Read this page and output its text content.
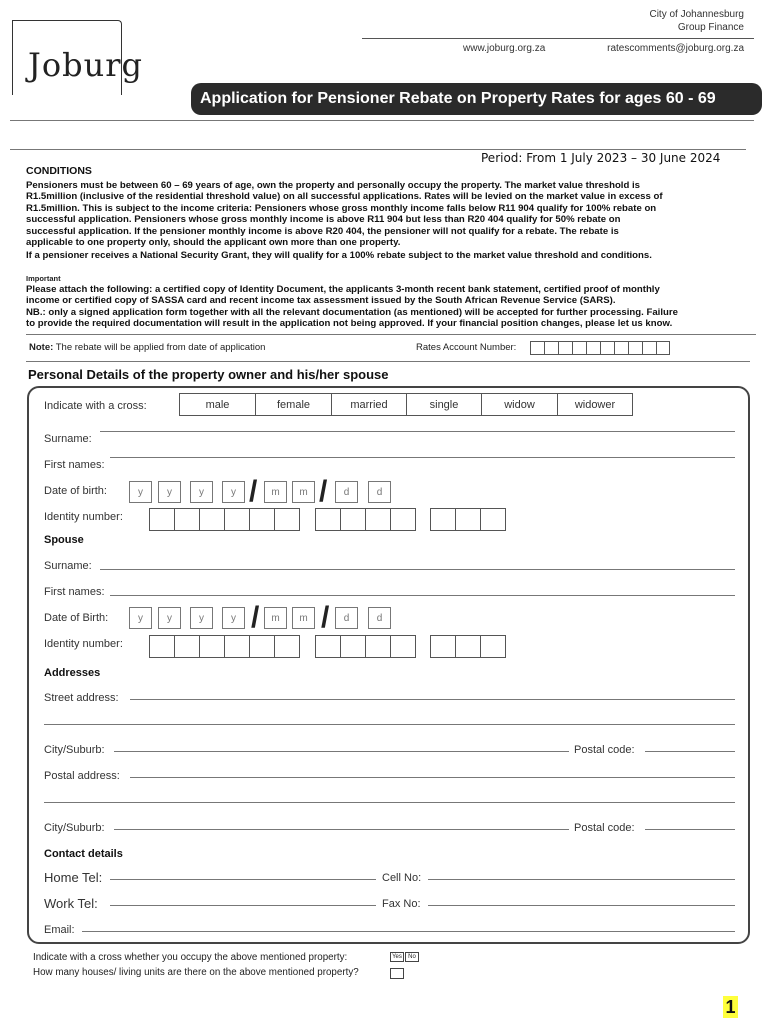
Joburg
City of Johannesburg
Group Finance
www.joburg.org.za	ratescomments@joburg.org.za
Application for Pensioner Rebate on Property Rates for ages 60 - 69
Period: From 1 July 2023 – 30 June 2024
CONDITIONS
Pensioners must be between 60 – 69 years of age, own the property and personally occupy the property. The market value threshold is
R1.5million (inclusive of the residential threshold value) on all successful applications. Rates will be levied on the market value in excess of
R1.5million. This is subject to the income criteria: Pensioners whose gross monthly income falls below R11 904 qualify for 100% rebate on
successful application. Pensioners whose gross monthly income is above R11 904 but less than R20 404 qualify for 50% rebate on
successful application. If the pensioner monthly income is above R20 404, the pensioner will not qualify for a rebate. The rebate is
applicable to one property only, should the applicant own more than one property.
If a pensioner receives a National Security Grant, they will qualify for a 100% rebate subject to the market value threshold and conditions.
Important
Please attach the following: a certified copy of Identity Document, the applicants 3-month recent bank statement, certified proof of monthly
income or certified copy of SASSA card and recent income tax assessment issued by the South African Revenue Service (SARS).
NB.: only a signed application form together with all the relevant documentation (as mentioned) will be accepted for further processing. Failure
to provide the required documentation will result in the application not being approved. If your financial position changes, please let us know.
Note: The rebate will be applied from date of application	Rates Account Number:
Personal Details of the property owner and his/her spouse
Indicate with a cross:	male	female	married	single	widow	widower
Surname:
First names:
Date of birth:	y	y	y	y /	m	m /	d	d
Identity number:
Spouse
Surname:
First names:
Date of Birth:	y	y	y	y /	m	m /	d	d
Identity number:
Addresses
Street address:
City/Suburb:	Postal code:
Postal address:
City/Suburb:	Postal code:
Contact details
Home Tel:	Cell No:
Work Tel:	Fax No:
Email:
Indicate with a cross whether you occupy the above mentioned property:	Yes	No
How many houses/ living units are there on the above mentioned property?
1
